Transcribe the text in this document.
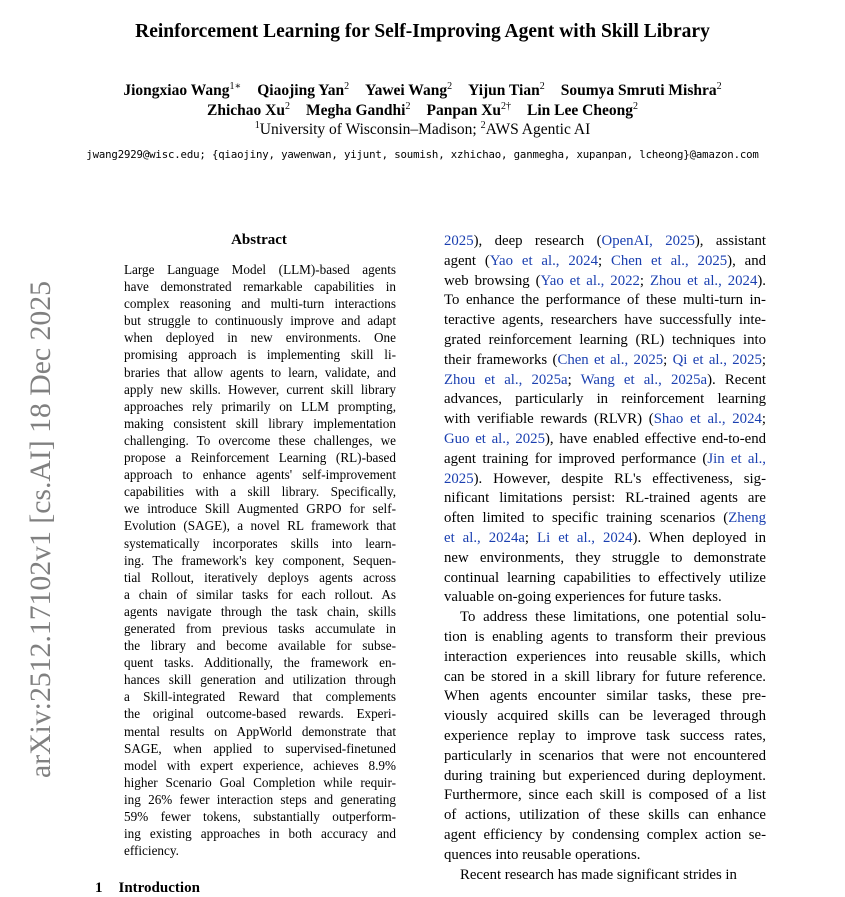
Reinforcement Learning for Self-Improving Agent with Skill Library
Jiongxiao Wang$^{1∗}$ Qiaojing Yan$^2$ Yawei Wang$^2$ Yijun Tian$^2$ Soumya Smruti Mishra$^2$
Zhichao Xu$^2$ Megha Gandhi$^2$ Panpan $Xu^{2\dagger}$ Lin Lee Cheong$^2$
$^1$University of Wisconsin–Madison; $^2$AWS Agentic AI
jwang2929@wisc.edu; {qiaojiny, yawenwan, yijunt, soumish, xzhichao, ganmegha, xupanpan, lcheong}@amazon.com
arXiv:2512.17102v1 [cs.AI] 18 Dec 2025
Abstract
Large Language Model (LLM)-based agents
have demonstrated remarkable capabilities in
complex reasoning and multi-turn interactions
but struggle to continuously improve and adapt
when deployed in new environments. One
promising approach is implementing skill li-
braries that allow agents to learn, validate, and
apply new skills. However, current skill library
approaches rely primarily on LLM prompting,
making consistent skill library implementation
challenging. To overcome these challenges, we
propose a Reinforcement Learning (RL)-based
approach to enhance agents' self-improvement
capabilities with a skill library. Specifically,
we introduce Skill Augmented GRPO for self-
Evolution (SAGE), a novel RL framework that
systematically incorporates skills into learn-
ing. The framework's key component, Sequen-
tial Rollout, iteratively deploys agents across
a chain of similar tasks for each rollout. As
agents navigate through the task chain, skills
generated from previous tasks accumulate in
the library and become available for subse-
quent tasks. Additionally, the framework en-
hances skill generation and utilization through
a Skill-integrated Reward that complements
the original outcome-based rewards. Experi-
mental results on AppWorld demonstrate that
SAGE, when applied to supervised-finetuned
model with expert experience, achieves 8.9%
higher Scenario Goal Completion while requir-
ing 26% fewer interaction steps and generating
59% fewer tokens, substantially outperform-
ing existing approaches in both accuracy and
efficiency.
1 Introduction
2025), deep research (OpenAI, 2025), assistant
agent (Yao et al., 2024; Chen et al., 2025), and
web browsing (Yao et al., 2022; Zhou et al., 2024).
To enhance the performance of these multi-turn in-
teractive agents, researchers have successfully inte-
grated reinforcement learning (RL) techniques into
their frameworks (Chen et al., 2025; Qi et al., 2025;
Zhou et al., 2025a; Wang et al., 2025a). Recent
advances, particularly in reinforcement learning
with verifiable rewards (RLVR) (Shao et al., 2024;
Guo et al., 2025), have enabled effective end-to-end
agent training for improved performance (Jin et al.,
2025). However, despite RL's effectiveness, sig-
nificant limitations persist: RL-trained agents are
often limited to specific training scenarios (Zheng
et al., 2024a; Li et al., 2024). When deployed in
new environments, they struggle to demonstrate
continual learning capabilities to effectively utilize
valuable on-going experiences for future tasks.
To address these limitations, one potential solu-
tion is enabling agents to transform their previous
interaction experiences into reusable skills, which
can be stored in a skill library for future reference.
When agents encounter similar tasks, these pre-
viously acquired skills can be leveraged through
experience replay to improve task success rates,
particularly in scenarios that were not encountered
during training but experienced during deployment.
Furthermore, since each skill is composed of a list
of actions, utilization of these skills can enhance
agent efficiency by condensing complex action se-
quences into reusable operations.
Recent research has made significant strides in
